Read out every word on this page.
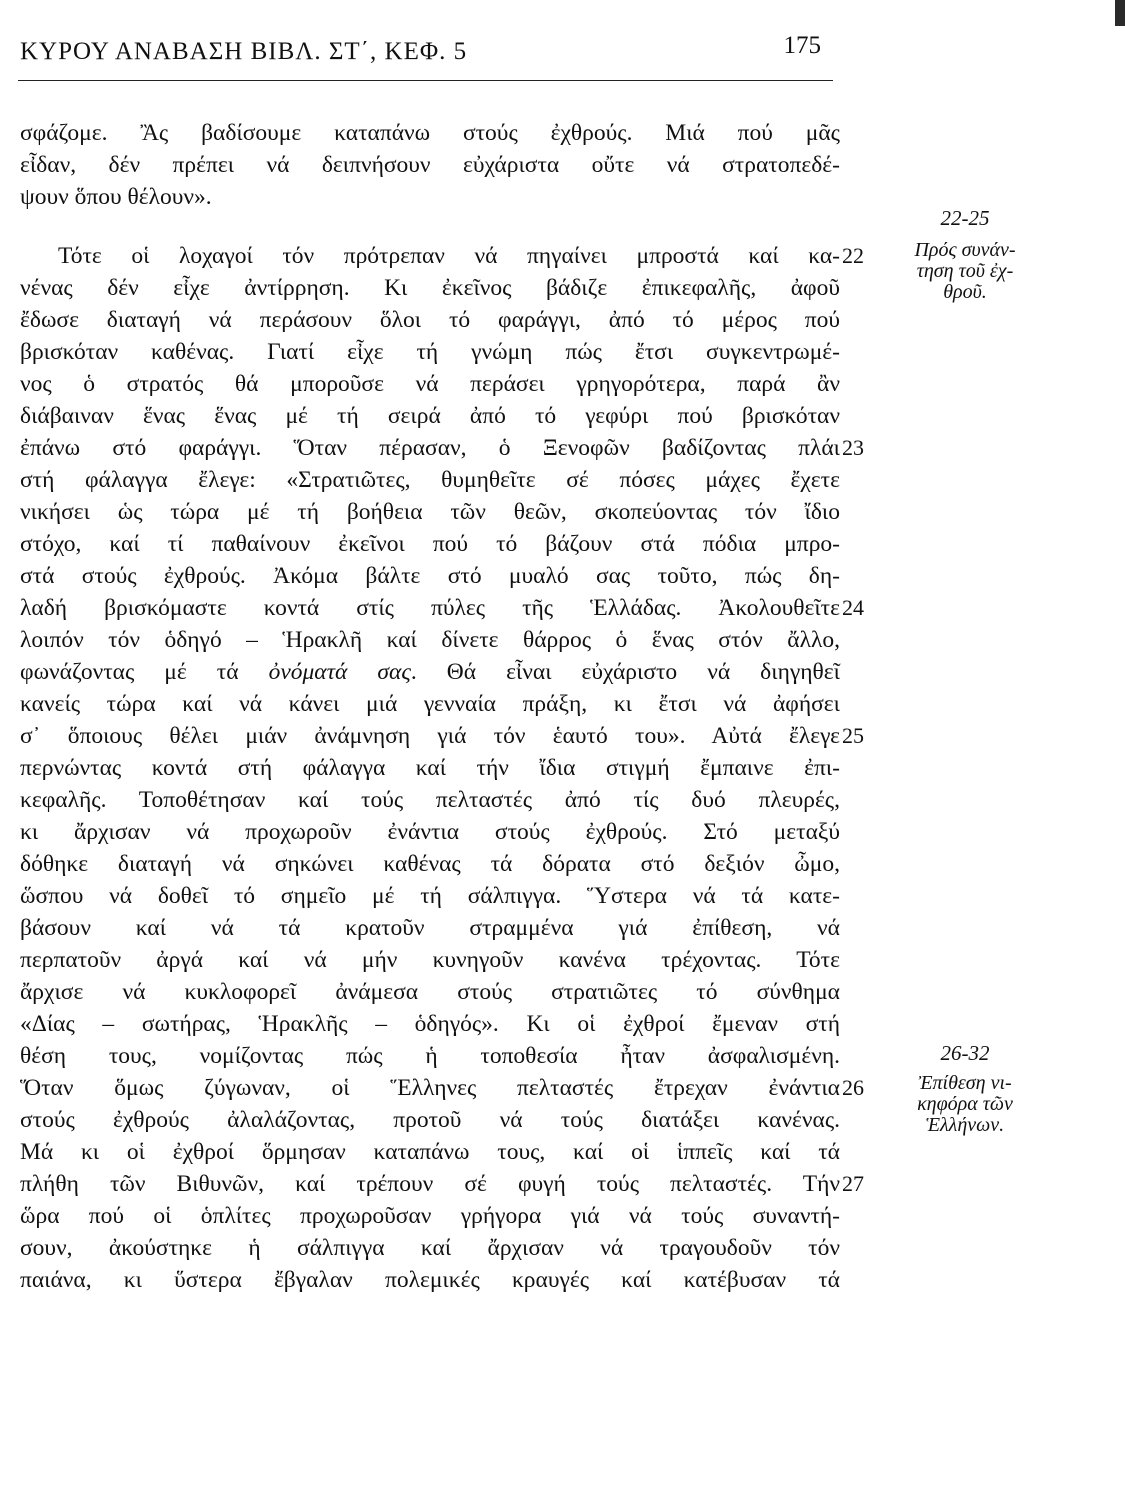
ΚΥΡΟΥ ΑΝΑΒΑΣΗ ΒΙΒΛ. ΣΤ΄, ΚΕΦ. 5	175
σφάζομε. Ἂς βαδίσουμε καταπάνω στούς ἐχθρούς. Μιά πού μᾶς
εἶδαν, δέν πρέπει νά δειπνήσουν εὐχάριστα οὔτε νά στρατοπεδέ-
ψουν ὅπου θέλουν».
Τότε οἱ λοχαγοί τόν πρότρεπαν νά πηγαίνει μπροστά καί κα-
νένας δέν εἶχε ἀντίρρηση. Κι ἐκεῖνος βάδιζε ἐπικεφαλῆς, ἀφοῦ
ἔδωσε διαταγή νά περάσουν ὅλοι τό φαράγγι, ἀπό τό μέρος πού
βρισκόταν καθένας. Γιατί εἶχε τή γνώμη πώς ἔτσι συγκεντρωμέ-
νος ὁ στρατός θά μποροῦσε νά περάσει γρηγορότερα, παρά ἂν
διάβαιναν ἕνας ἕνας μέ τή σειρά ἀπό τό γεφύρι πού βρισκόταν
ἐπάνω στό φαράγγι. Ὅταν πέρασαν, ὁ Ξενοφῶν βαδίζοντας πλάι
στή φάλαγγα ἔλεγε: «Στρατιῶτες, θυμηθεῖτε σέ πόσες μάχες ἔχετε
νικήσει ὡς τώρα μέ τή βοήθεια τῶν θεῶν, σκοπεύοντας τόν ἴδιο
στόχο, καί τί παθαίνουν ἐκεῖνοι πού τό βάζουν στά πόδια μπρο-
στά στούς ἐχθρούς. Ἀκόμα βάλτε στό μυαλό σας τοῦτο, πώς δη-
λαδή βρισκόμαστε κοντά στίς πύλες τῆς Ἑλλάδας. Ἀκολουθεῖτε
λοιπόν τόν ὁδηγό – Ἡρακλῆ καί δίνετε θάρρος ὁ ἕνας στόν ἄλλο,
φωνάζοντας μέ τά ὀνόματά σας. Θά εἶναι εὐχάριστο νά διηγηθεῖ
κανείς τώρα καί νά κάνει μιά γενναία πράξη, κι ἔτσι νά ἀφήσει
σ᾽ ὅποιους θέλει μιάν ἀνάμνηση γιά τόν ἑαυτό του». Αὐτά ἔλεγε
περνώντας κοντά στή φάλαγγα καί τήν ἴδια στιγμή ἔμπαινε ἐπι-
κεφαλῆς. Τοποθέτησαν καί τούς πελταστές ἀπό τίς δυό πλευρές,
κι ἄρχισαν νά προχωροῦν ἐνάντια στούς ἐχθρούς. Στό μεταξύ
δόθηκε διαταγή νά σηκώνει καθένας τά δόρατα στό δεξιόν ὦμο,
ὥσπου νά δοθεῖ τό σημεῖο μέ τή σάλπιγγα. Ὕστερα νά τά κατε-
βάσουν καί νά τά κρατοῦν στραμμένα γιά ἐπίθεση, νά
περπατοῦν ἀργά καί νά μήν κυνηγοῦν κανένα τρέχοντας. Τότε
ἄρχισε νά κυκλοφορεῖ ἀνάμεσα στούς στρατιῶτες τό σύνθημα
«Δίας – σωτήρας, Ἡρακλῆς – ὁδηγός». Κι οἱ ἐχθροί ἔμεναν στή
θέση τους, νομίζοντας πώς ἡ τοποθεσία ἦταν ἀσφαλισμένη.
Ὅταν ὅμως ζύγωναν, οἱ Ἕλληνες πελταστές ἔτρεχαν ἐνάντια
στούς ἐχθρούς ἀλαλάζοντας, προτοῦ νά τούς διατάξει κανένας.
Μά κι οἱ ἐχθροί ὅρμησαν καταπάνω τους, καί οἱ ἱππεῖς καί τά
πλήθη τῶν Βιθυνῶν, καί τρέπουν σέ φυγή τούς πελταστές. Τήν
ὥρα πού οἱ ὁπλίτες προχωροῦσαν γρήγορα γιά νά τούς συναντή-
σουν, ἀκούστηκε ἡ σάλπιγγα καί ἄρχισαν νά τραγουδοῦν τόν
παιάνα, κι ὕστερα ἔβγαλαν πολεμικές κραυγές καί κατέβυσαν τά
22
23
24
25
26
27
22-25
Πρός συνάν-
τηση τοῦ ἐχ-
θροῦ.
26-32
Ἐπίθεση νι-
κηφόρα τῶν
Ἑλλήνων.
